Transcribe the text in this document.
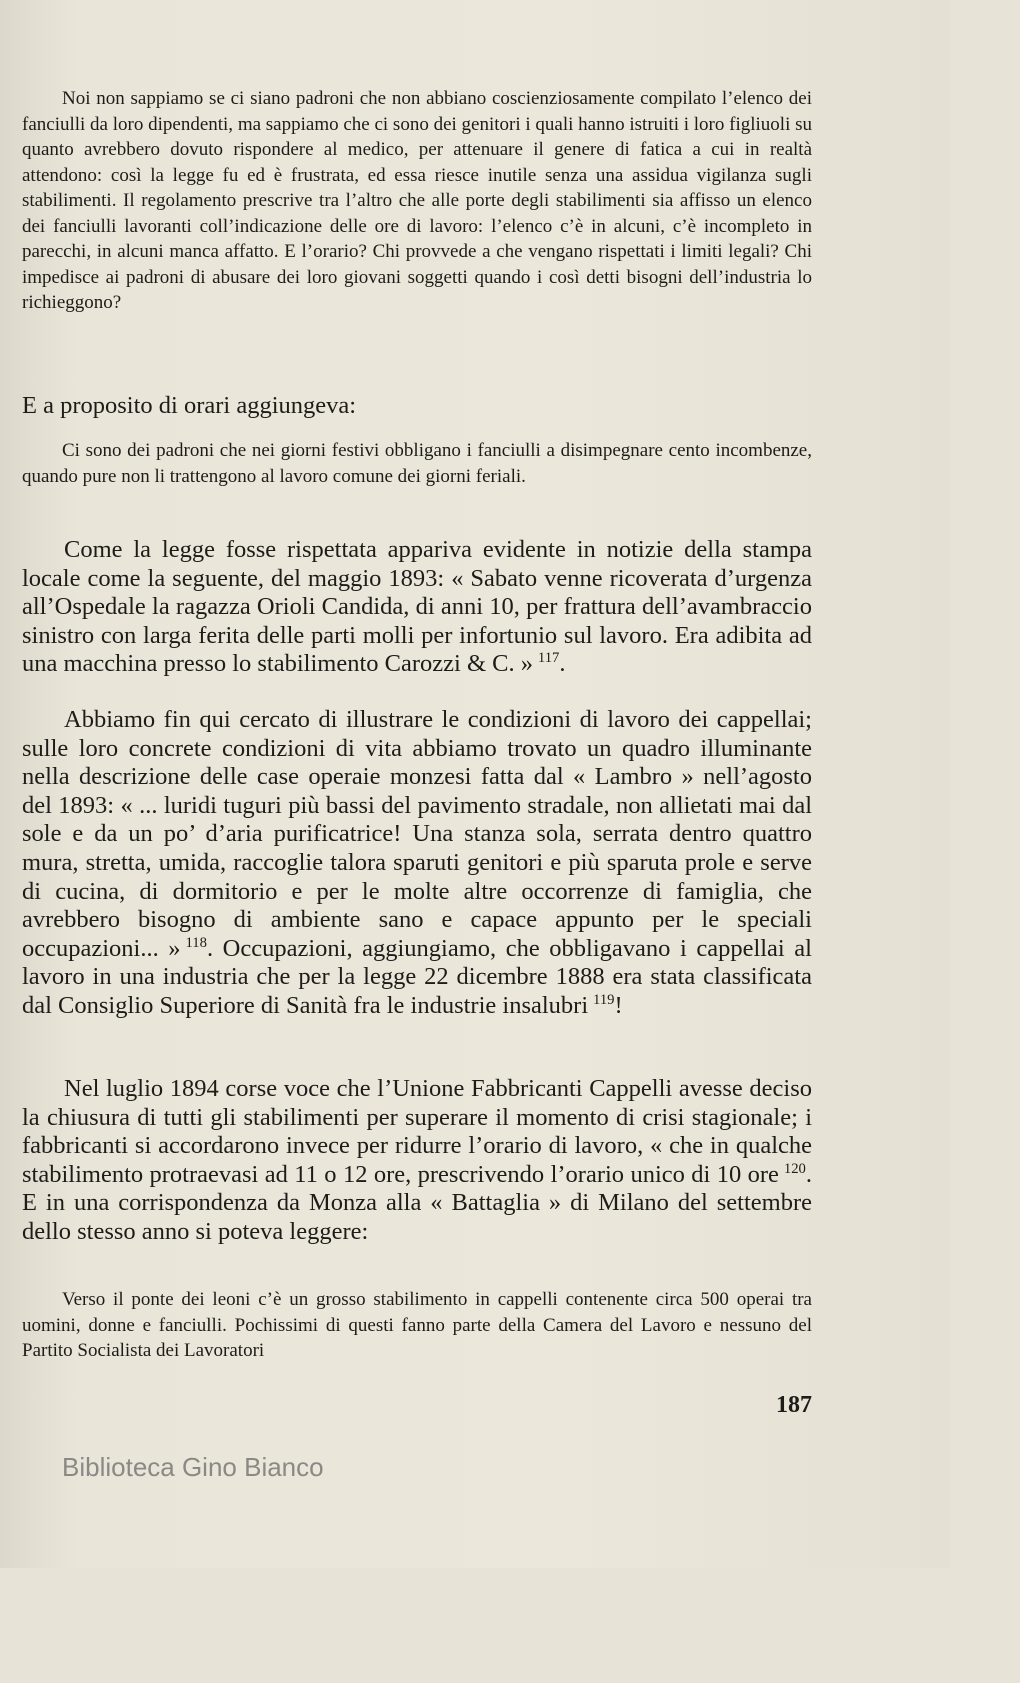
Noi non sappiamo se ci siano padroni che non abbiano coscienziosamente compilato l’elenco dei fanciulli da loro dipendenti, ma sappiamo che ci sono dei genitori i quali hanno istruiti i loro figliuoli su quanto avrebbero dovuto rispondere al medico, per attenuare il genere di fatica a cui in realtà attendono: così la legge fu ed è frustrata, ed essa riesce inutile senza una assidua vigilanza sugli stabilimenti. Il regolamento prescrive tra l’altro che alle porte degli stabilimenti sia affisso un elenco dei fanciulli lavoranti coll’indicazione delle ore di lavoro: l’elenco c’è in alcuni, c’è incompleto in parecchi, in alcuni manca affatto. E l’orario? Chi provvede a che vengano rispettati i limiti legali? Chi impedisce ai padroni di abusare dei loro giovani soggetti quando i così detti bisogni dell’industria lo richieggono?

E a proposito di orari aggiungeva:

Ci sono dei padroni che nei giorni festivi obbligano i fanciulli a disimpegnare cento incombenze, quando pure non li trattengono al lavoro comune dei giorni feriali.

Come la legge fosse rispettata appariva evidente in notizie della stampa locale come la seguente, del maggio 1893: « Sabato venne ricoverata d’urgenza all’Ospedale la ragazza Orioli Candida, di anni 10, per frattura dell’avambraccio sinistro con larga ferita delle parti molli per infortunio sul lavoro. Era adibita ad una macchina presso lo stabilimento Carozzi & C. »  $^{117}$.

Abbiamo fin qui cercato di illustrare le condizioni di lavoro dei cappellai; sulle loro concrete condizioni di vita abbiamo trovato un quadro illuminante nella descrizione delle case operaie monzesi fatta dal « Lambro » nell’agosto del 1893: « ... luridi tuguri più bassi del pavimento stradale, non allietati mai dal sole e da un po’ d’aria purificatrice! Una stanza sola, serrata dentro quattro mura, stretta, umida, raccoglie talora sparuti genitori e più sparuta prole e serve di cucina, di dormitorio e per le molte altre occorrenze di famiglia, che avrebbero bisogno di ambiente sano e capace appunto per le speciali occupazioni... »  $^{118}$. Occupazioni, aggiungiamo, che obbligavano i cappellai al lavoro in una industria che per la legge 22 dicembre 1888 era stata classificata dal Consiglio Superiore di Sanità fra le industrie insalubri  $^{119}$!

Nel luglio 1894 corse voce che l’Unione Fabbricanti Cappelli avesse deciso la chiusura di tutti gli stabilimenti per superare il momento di crisi stagionale; i fabbricanti si accordarono invece per ridurre l’orario di lavoro, « che in qualche stabilimento protraevasi ad 11 o 12 ore, prescrivendo l’orario unico di 10 ore  $^{120}$. E in una corrispondenza da Monza alla « Battaglia » di Milano del settembre dello stesso anno si poteva leggere:

Verso il ponte dei leoni c’è un grosso stabilimento in cappelli contenente circa 500 operai tra uomini, donne e fanciulli. Pochissimi di questi fanno parte della Camera del Lavoro e nessuno del Partito Socialista dei Lavoratori

187
Biblioteca Gino Bianco
